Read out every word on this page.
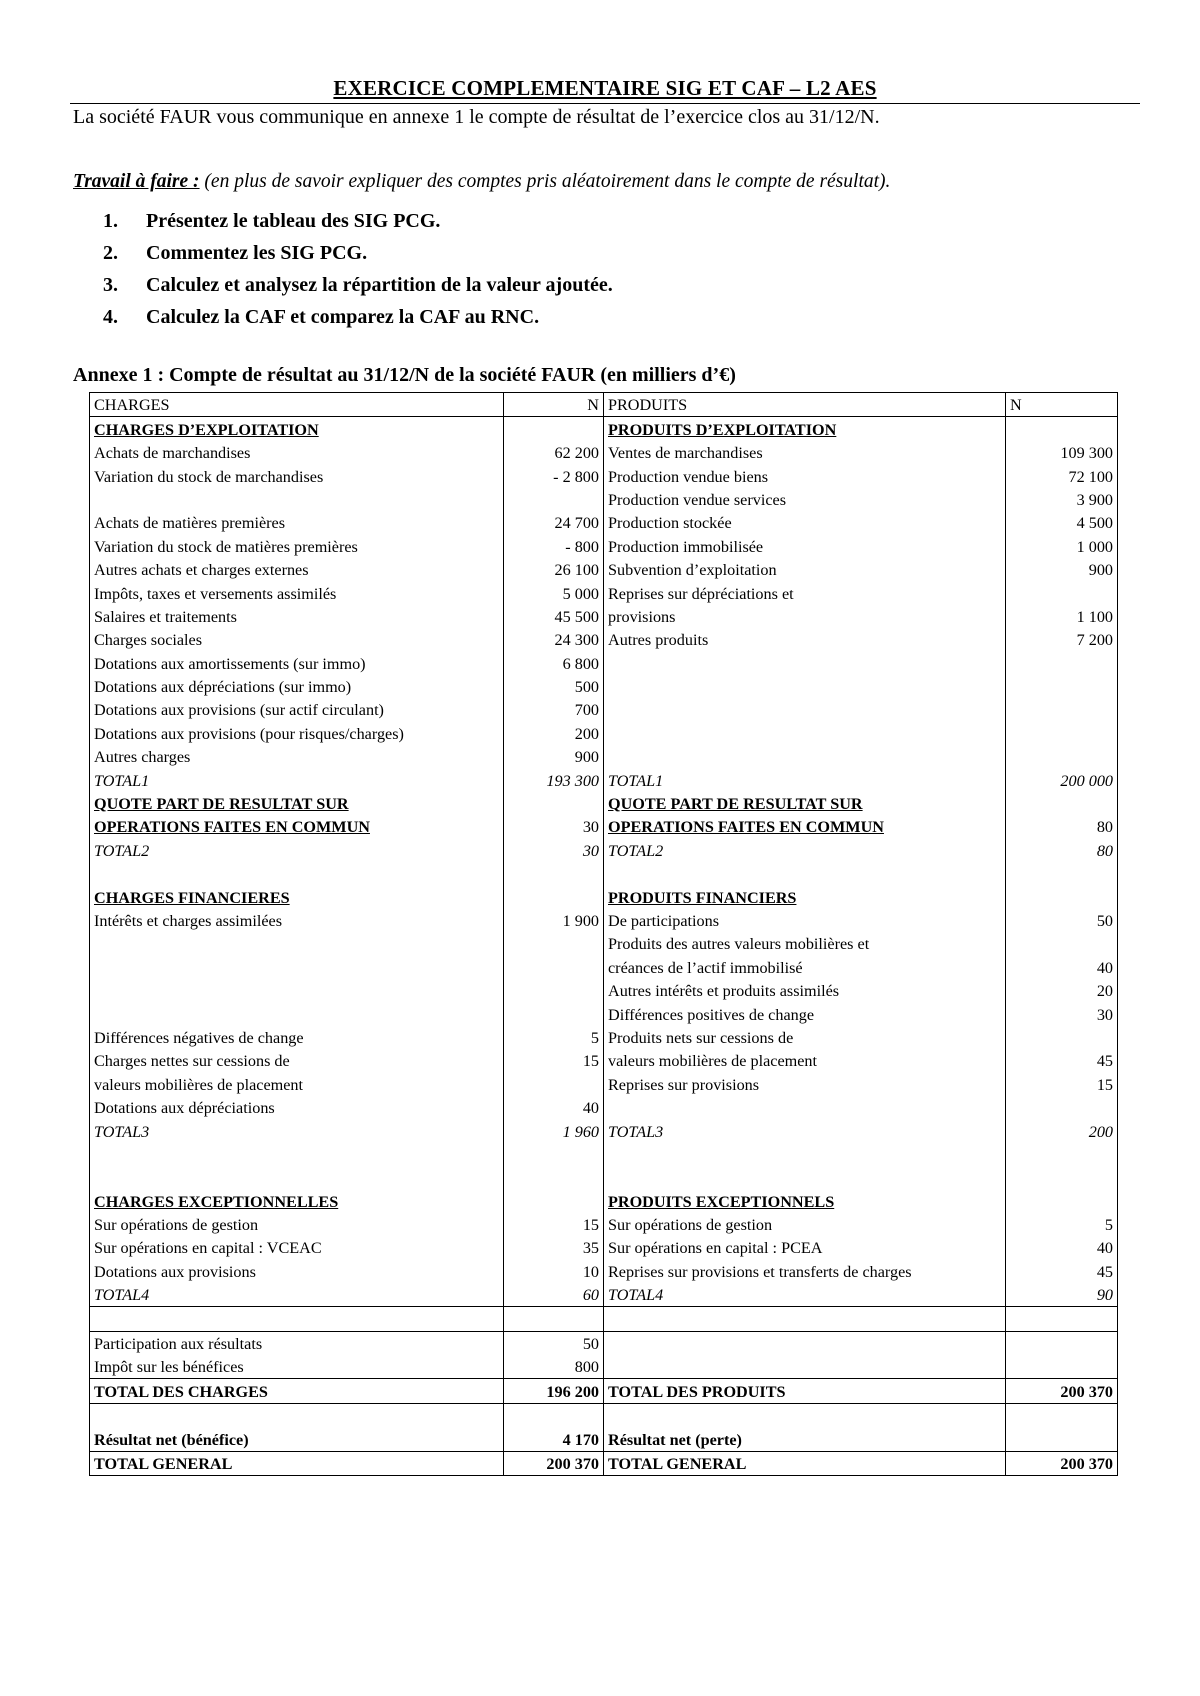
EXERCICE COMPLEMENTAIRE SIG ET CAF – L2 AES
La société FAUR vous communique en annexe 1 le compte de résultat de l’exercice clos au 31/12/N.
Travail à faire : (en plus de savoir expliquer des comptes pris aléatoirement dans le compte de résultat).
1. Présentez le tableau des SIG PCG.
2. Commentez les SIG PCG.
3. Calculez et analysez la répartition de la valeur ajoutée.
4. Calculez la CAF et comparez la CAF au RNC.
Annexe 1 : Compte de résultat au 31/12/N de la société FAUR (en milliers d’€)
CHARGES	N	PRODUITS	N
CHARGES D’EXPLOITATION		PRODUITS D’EXPLOITATION	
Achats de marchandises	62 200	Ventes de marchandises	109 300
Variation du stock de marchandises	- 2 800	Production vendue biens	72 100
		Production vendue services	3 900
Achats de matières premières	24 700	Production stockée	4 500
Variation du stock de matières premières	- 800	Production immobilisée	1 000
Autres achats et charges externes	26 100	Subvention d’exploitation	900
Impôts, taxes et versements assimilés	5 000	Reprises sur dépréciations et	
Salaires et traitements	45 500	provisions	1 100
Charges sociales	24 300	Autres produits	7 200
Dotations aux amortissements (sur immo)	6 800		
Dotations aux dépréciations (sur immo)	500		
Dotations aux provisions (sur actif circulant)	700		
Dotations aux provisions (pour risques/charges)	200		
Autres charges	900		
TOTAL1	193 300	TOTAL1	200 000
QUOTE PART DE RESULTAT SUR		QUOTE PART DE RESULTAT SUR	
OPERATIONS FAITES EN COMMUN	30	OPERATIONS FAITES EN COMMUN	80
TOTAL2	30	TOTAL2	80

CHARGES FINANCIERES		PRODUITS FINANCIERS	
Intérêts et charges assimilées	1 900	De participations	50
		Produits des autres valeurs mobilières et	
		créances de l’actif immobilisé	40
		Autres intérêts et produits assimilés	20
		Différences positives de change	30
Différences négatives de change	5	Produits nets sur cessions de	
Charges nettes sur cessions de	15	valeurs mobilières de placement	45
valeurs mobilières de placement		Reprises sur provisions	15
Dotations aux dépréciations	40		
TOTAL3	1 960	TOTAL3	200

CHARGES EXCEPTIONNELLES		PRODUITS EXCEPTIONNELS	
Sur opérations de gestion	15	Sur opérations de gestion	5
Sur opérations en capital : VCEAC	35	Sur opérations en capital : PCEA	40
Dotations aux provisions	10	Reprises sur provisions et transferts de charges	45
TOTAL4	60	TOTAL4	90

Participation aux résultats	50		
Impôt sur les bénéfices	800		
TOTAL DES CHARGES	196 200	TOTAL DES PRODUITS	200 370

Résultat net (bénéfice)	4 170	Résultat net (perte)	
TOTAL GENERAL	200 370	TOTAL GENERAL	200 370
